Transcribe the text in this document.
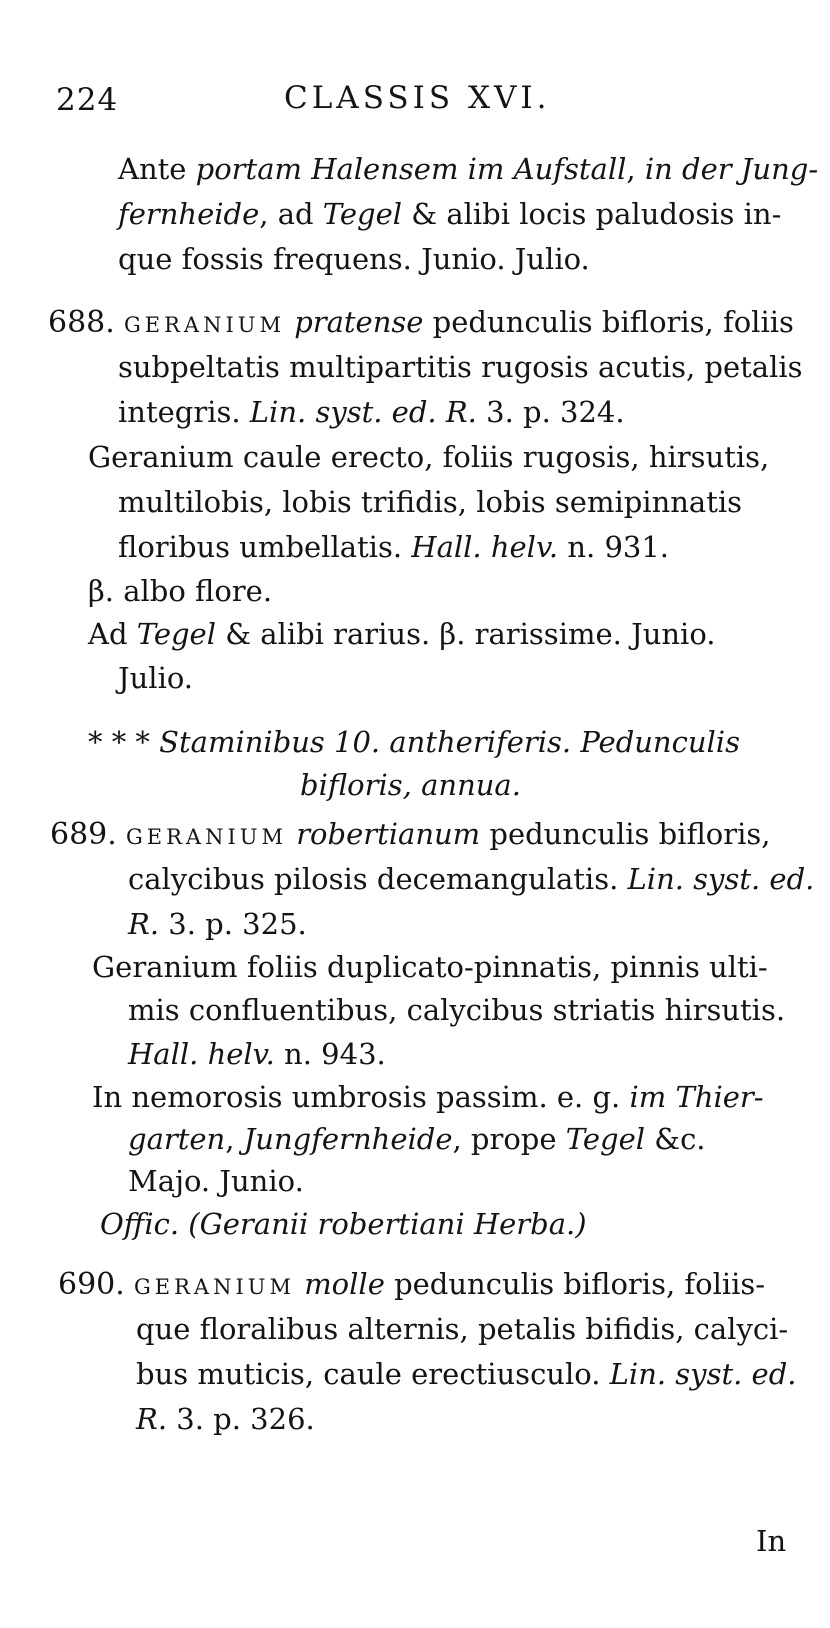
224	CLASSIS XVI.
Ante portam Halensem im Aufstall, in der Jung-
fernheide, ad Tegel & alibi locis paludosis in-
que fossis frequens. Junio. Julio.
688. GERANIUM pratense pedunculis bifloris, foliis
subpeltatis multipartitis rugosis acutis, petalis
integris. Lin. syst. ed. R. 3. p. 324.
Geranium caule erecto, foliis rugosis, hirsutis,
multilobis, lobis trifidis, lobis semipinnatis
floribus umbellatis. Hall. helv. n. 931.
β. albo flore.
Ad Tegel & alibi rarius. β. rarissime. Junio.
Julio.
* * * Staminibus 10. antheriferis. Pedunculis
bifloris, annua.
689. GERANIUM robertianum pedunculis bifloris,
calycibus pilosis decemangulatis. Lin. syst. ed.
R. 3. p. 325.
Geranium foliis duplicato-pinnatis, pinnis ulti-
mis confluentibus, calycibus striatis hirsutis.
Hall. helv. n. 943.
In nemorosis umbrosis passim. e. g. im Thier-
garten, Jungfernheide, prope Tegel &c.
Majo. Junio.
Offic. (Geranii robertiani Herba.)
690. GERANIUM molle pedunculis bifloris, foliis-
que floralibus alternis, petalis bifidis, calyci-
bus muticis, caule erectiusculo. Lin. syst. ed.
R. 3. p. 326.
In
